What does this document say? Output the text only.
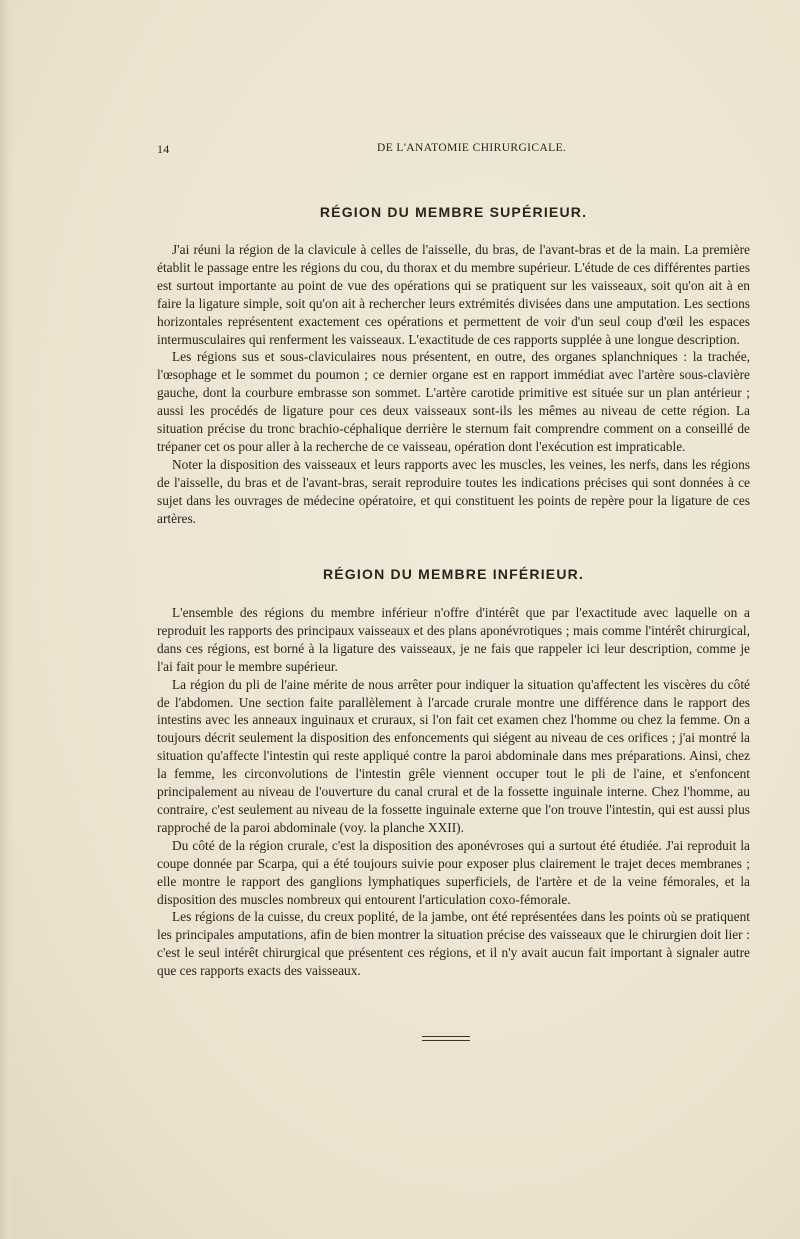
14	DE L'ANATOMIE CHIRURGICALE.
RÉGION DU MEMBRE SUPÉRIEUR.

J'ai réuni la région de la clavicule à celles de l'aisselle, du bras, de l'avant-bras et de la main. La première établit le passage entre les régions du cou, du thorax et du membre supérieur. L'étude de ces différentes parties est surtout importante au point de vue des opérations qui se pratiquent sur les vaisseaux, soit qu'on ait à en faire la ligature simple, soit qu'on ait à rechercher leurs extrémités divisées dans une amputation. Les sections horizontales représentent exactement ces opérations et permettent de voir d'un seul coup d'œil les espaces intermusculaires qui renferment les vaisseaux. L'exactitude de ces rapports supplée à une longue description.

Les régions sus et sous-claviculaires nous présentent, en outre, des organes splanchniques : la trachée, l'œsophage et le sommet du poumon ; ce dernier organe est en rapport immédiat avec l'artère sous-clavière gauche, dont la courbure embrasse son sommet. L'artère carotide primitive est située sur un plan antérieur ; aussi les procédés de ligature pour ces deux vaisseaux sont-ils les mêmes au niveau de cette région. La situation précise du tronc brachio-céphalique derrière le sternum fait comprendre comment on a conseillé de trépaner cet os pour aller à la recherche de ce vaisseau, opération dont l'exécution est impraticable.

Noter la disposition des vaisseaux et leurs rapports avec les muscles, les veines, les nerfs, dans les régions de l'aisselle, du bras et de l'avant-bras, serait reproduire toutes les indications précises qui sont données à ce sujet dans les ouvrages de médecine opératoire, et qui constituent les points de repère pour la ligature de ces artères.

RÉGION DU MEMBRE INFÉRIEUR.

L'ensemble des régions du membre inférieur n'offre d'intérêt que par l'exactitude avec laquelle on a reproduit les rapports des principaux vaisseaux et des plans aponévrotiques ; mais comme l'intérêt chirurgical, dans ces régions, est borné à la ligature des vaisseaux, je ne fais que rappeler ici leur description, comme je l'ai fait pour le membre supérieur.

La région du pli de l'aine mérite de nous arrêter pour indiquer la situation qu'affectent les viscères du côté de l'abdomen. Une section faite parallèlement à l'arcade crurale montre une différence dans le rapport des intestins avec les anneaux inguinaux et cruraux, si l'on fait cet examen chez l'homme ou chez la femme. On a toujours décrit seulement la disposition des enfoncements qui siégent au niveau de ces orifices ; j'ai montré la situation qu'affecte l'intestin qui reste appliqué contre la paroi abdominale dans mes préparations. Ainsi, chez la femme, les circonvolutions de l'intestin grêle viennent occuper tout le pli de l'aine, et s'enfoncent principalement au niveau de l'ouverture du canal crural et de la fossette inguinale interne. Chez l'homme, au contraire, c'est seulement au niveau de la fossette inguinale externe que l'on trouve l'intestin, qui est aussi plus rapproché de la paroi abdominale (voy. la planche XXII).

Du côté de la région crurale, c'est la disposition des aponévroses qui a surtout été étudiée. J'ai reproduit la coupe donnée par Scarpa, qui a été toujours suivie pour exposer plus clairement le trajet deces membranes ; elle montre le rapport des ganglions lymphatiques superficiels, de l'artère et de la veine fémorales, et la disposition des muscles nombreux qui entourent l'articulation coxo-fémorale.

Les régions de la cuisse, du creux poplité, de la jambe, ont été représentées dans les points où se pratiquent les principales amputations, afin de bien montrer la situation précise des vaisseaux que le chirurgien doit lier : c'est le seul intérêt chirurgical que présentent ces régions, et il n'y avait aucun fait important à signaler autre que ces rapports exacts des vaisseaux.
